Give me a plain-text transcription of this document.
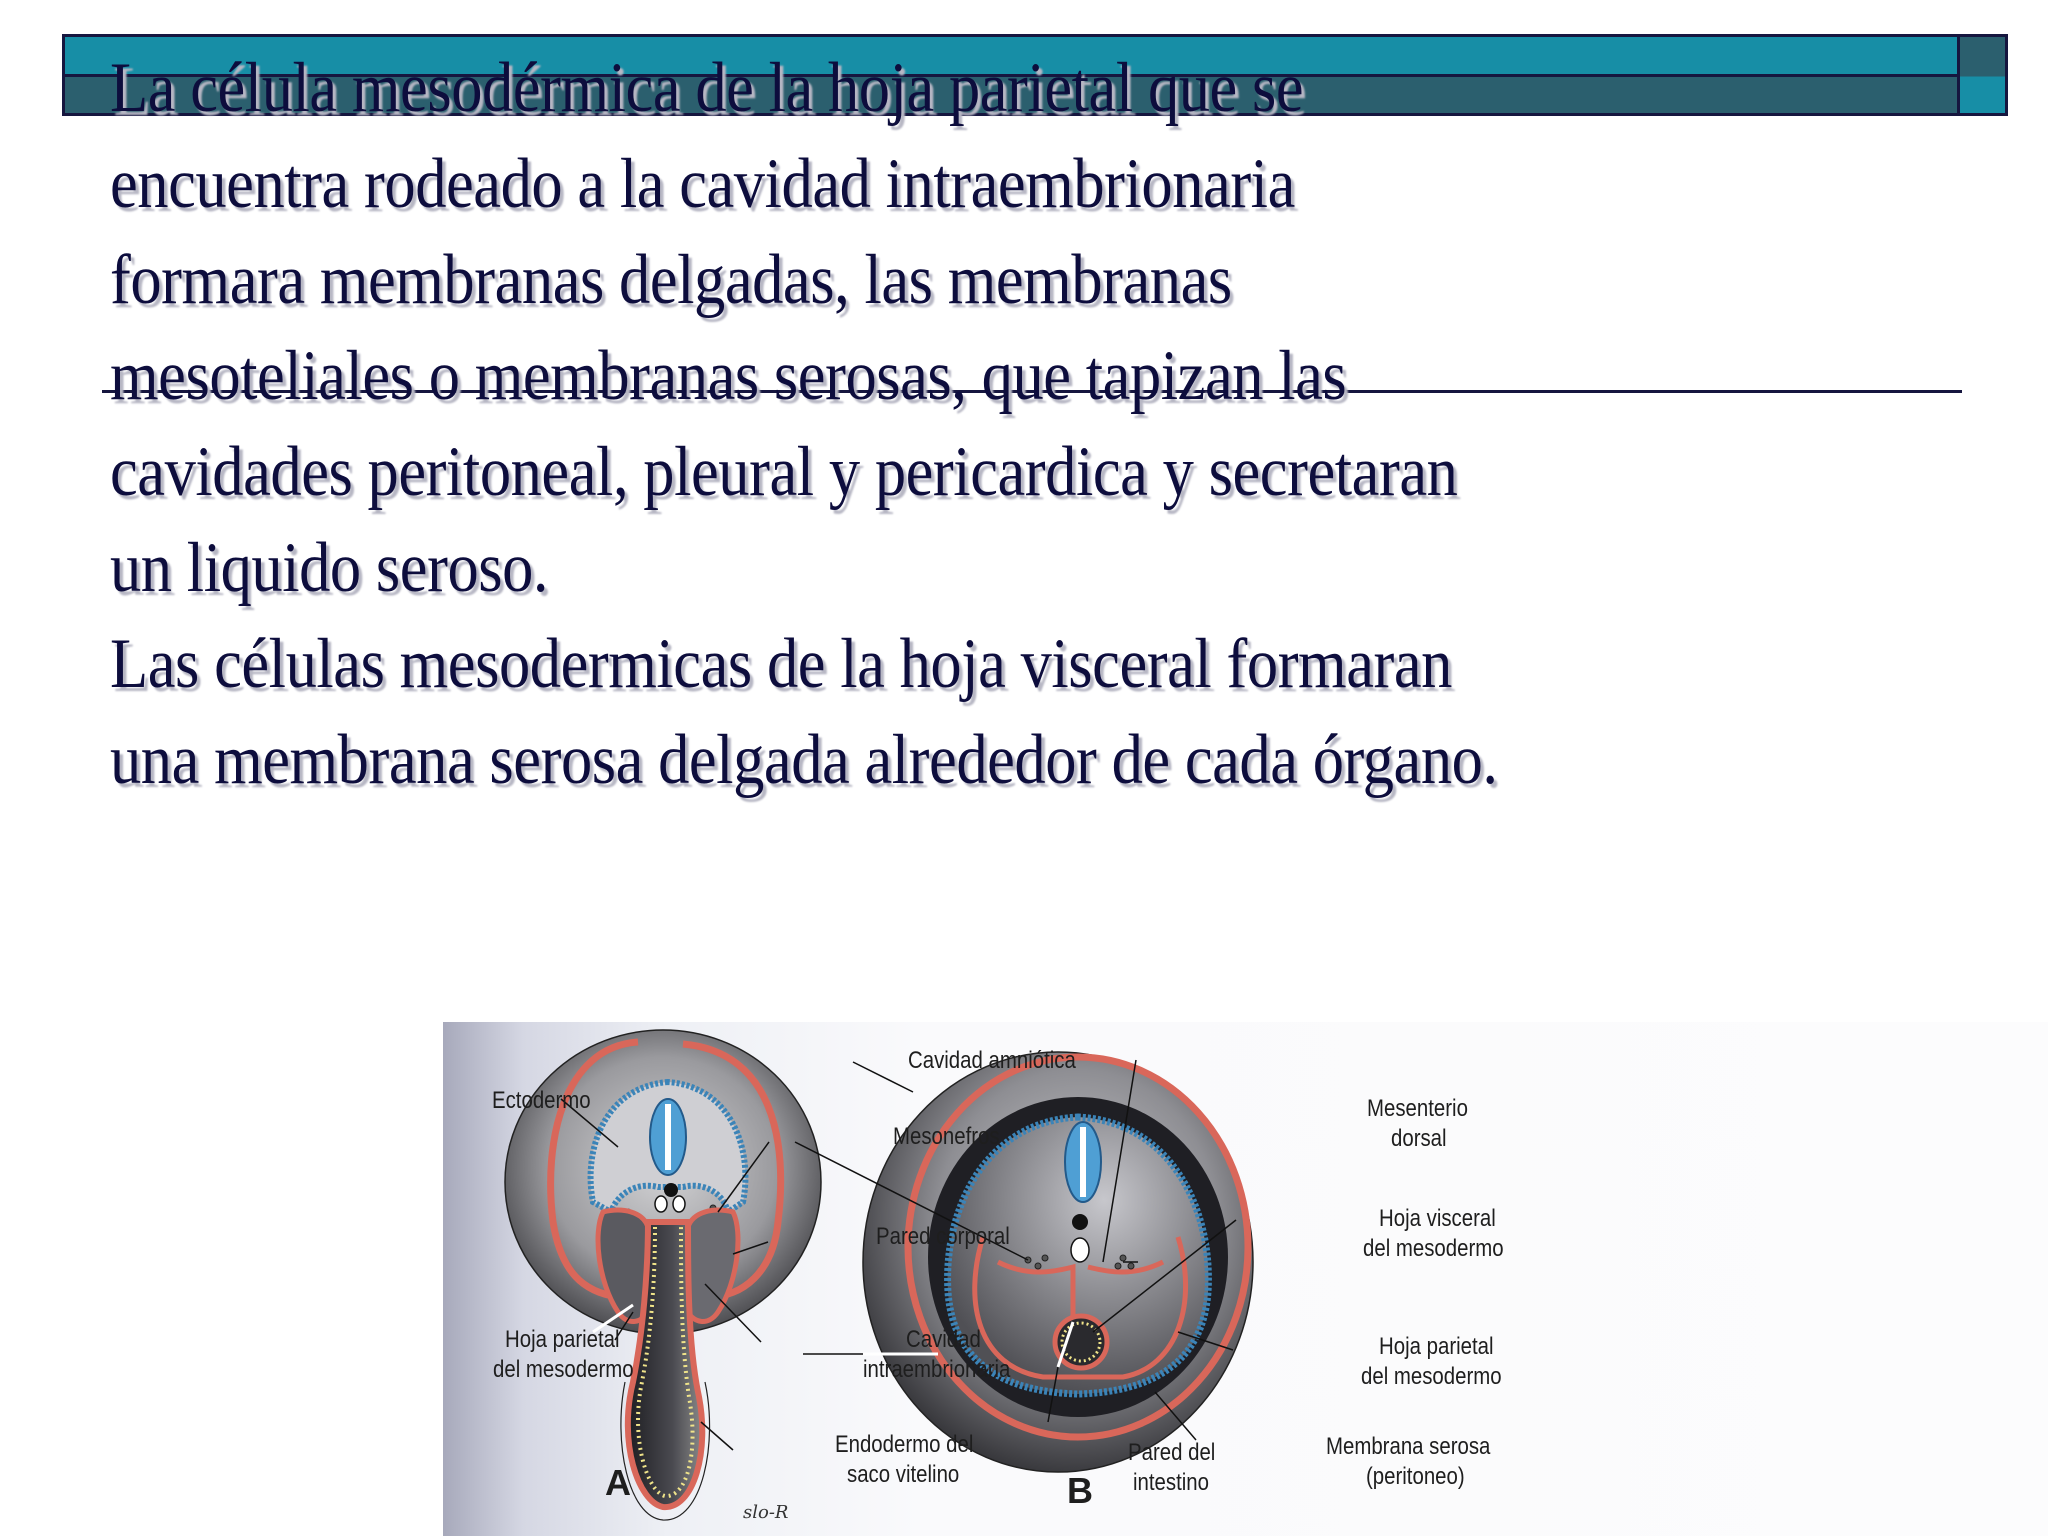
La célula mesodérmica de la hoja parietal que se
encuentra rodeado a la cavidad intraembrionaria
formara membranas delgadas, las membranas
mesoteliales o membranas serosas, que tapizan las
cavidades peritoneal, pleural y pericardica y secretaran
un liquido seroso.
Las células mesodermicas de la hoja visceral formaran
una membrana serosa delgada alrededor de cada órgano.
Ectodermo
Hoja parietal
del mesodermo
Mesonefros
Pared corporal
Cavidad
intraembrionaria
Endodermo del
saco vitelino
A
slo-R
Cavidad amniótica
Mesenterio
dorsal
Hoja visceral
del mesodermo
Hoja parietal
del mesodermo
Pared del
intestino
Membrana serosa
(peritoneo)
B
